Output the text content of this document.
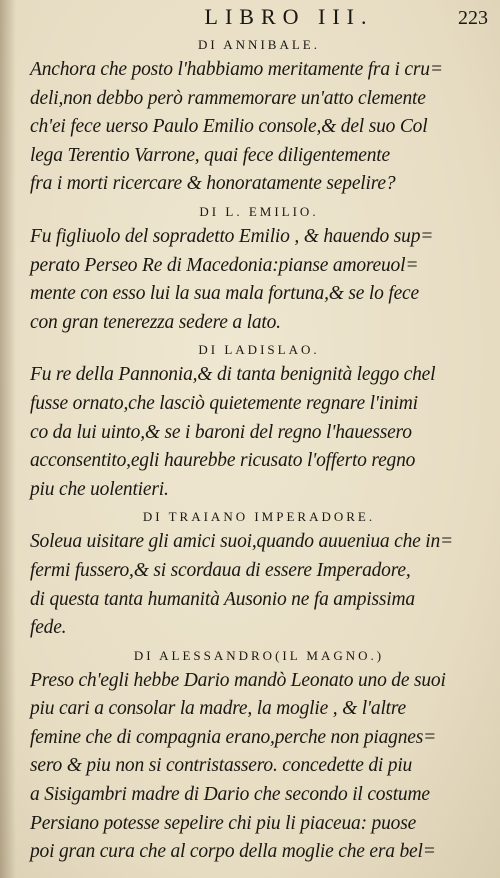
LIBRO III.	223
DI ANNIBALE.
Anchora che posto l'habbiamo meritamente fra i cru=
deli,non debbo però rammemorare un'atto clemente
ch'ei fece uerso Paulo Emilio console,& del suo Col
lega Terentio Varrone, quai fece diligentemente
fra i morti ricercare & honoratamente sepelire?
DI L. EMILIO.
Fu figliuolo del sopradetto Emilio , & hauendo sup=
perato Perseo Re di Macedonia:pianse amoreuol=
mente con esso lui la sua mala fortuna,& se lo fece
con gran tenerezza sedere a lato.
DI LADISLAO.
Fu re della Pannonia,& di tanta benignità leggo chel
fusse ornato,che lasciò quietemente regnare l'inimi
co da lui uinto,& se i baroni del regno l'hauessero
acconsentito,egli haurebbe ricusato l'offerto regno
piu che uolentieri.
DI TRAIANO IMPERADORE.
Soleua uisitare gli amici suoi,quando auueniua che in=
fermi fussero,& si scordaua di essere Imperadore,
di questa tanta humanità Ausonio ne fa ampissima
fede.
DI ALESSANDRO(IL MAGNO.)
Preso ch'egli hebbe Dario mandò Leonato uno de suoi
piu cari a consolar la madre, la moglie , & l'altre
femine che di compagnia erano,perche non piagnes=
sero & piu non si contristassero. concedette di piu
a Sisigambri madre di Dario che secondo il costume
Persiano potesse sepelire chi piu li piaceua: puose
poi gran cura che al corpo della moglie che era bel=
